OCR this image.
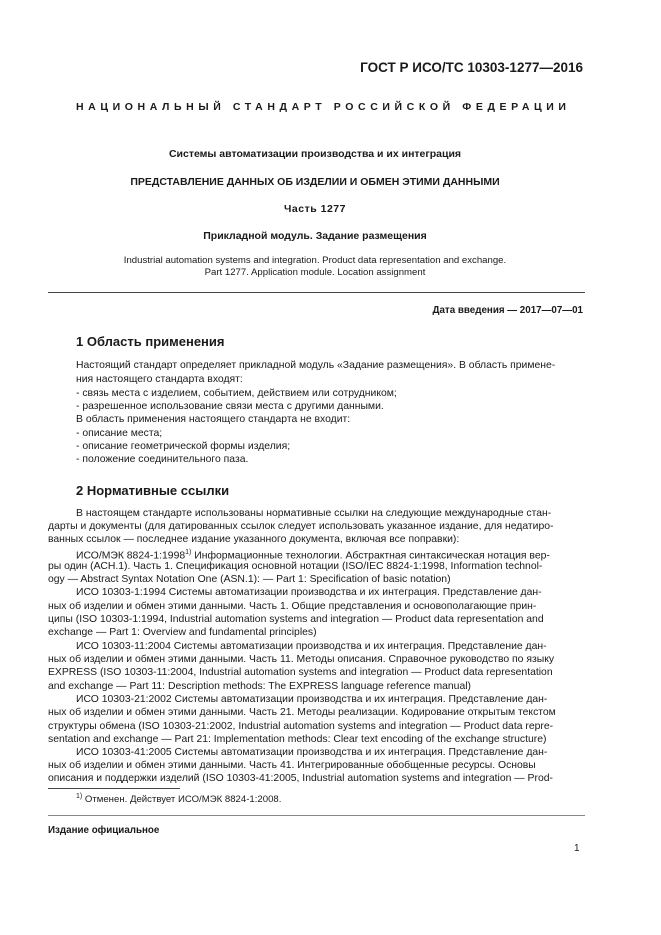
ГОСТ Р ИСО/ТС 10303-1277—2016
НАЦИОНАЛЬНЫЙ СТАНДАРТ РОССИЙСКОЙ ФЕДЕРАЦИИ
Системы автоматизации производства и их интеграция
ПРЕДСТАВЛЕНИЕ ДАННЫХ ОБ ИЗДЕЛИИ И ОБМЕН ЭТИМИ ДАННЫМИ
Часть 1277
Прикладной модуль. Задание размещения
Industrial automation systems and integration. Product data representation and exchange.
Part 1277. Application module. Location assignment
Дата введения — 2017—07—01
1 Область применения
Настоящий стандарт определяет прикладной модуль «Задание размещения». В область примене-
ния настоящего стандарта входят:
- связь места с изделием, событием, действием или сотрудником;
- разрешенное использование связи места с другими данными.
В область применения настоящего стандарта не входит:
- описание места;
- описание геометрической формы изделия;
- положение соединительного паза.
2 Нормативные ссылки
В настоящем стандарте использованы нормативные ссылки на следующие международные стан-
дарты и документы (для датированных ссылок следует использовать указанное издание, для недатиро-
ванных ссылок — последнее издание указанного документа, включая все поправки):
ИСО/МЭК 8824-1:1998$^{1)}$ Информационные технологии. Абстрактная синтаксическая нотация вер-
ры один (АСН.1). Часть 1. Спецификация основной нотации (ISO/IEC 8824-1:1998, Information technol-
ogy — Abstract Syntax Notation One (ASN.1): — Part 1: Specification of basic notation)
ИСО 10303-1:1994 Системы автоматизации производства и их интеграция. Представление дан-
ных об изделии и обмен этими данными. Часть 1. Общие представления и основополагающие прин-
ципы (ISO 10303-1:1994, Industrial automation systems and integration — Product data representation and
exchange — Part 1: Overview and fundamental principles)
ИСО 10303-11:2004 Системы автоматизации производства и их интеграция. Представление дан-
ных об изделии и обмен этими данными. Часть 11. Методы описания. Справочное руководство по языку
EXPRESS (ISO 10303-11:2004, Industrial automation systems and integration — Product data representation
and exchange — Part 11: Description methods: The EXPRESS language reference manual)
ИСО 10303-21:2002 Системы автоматизации производства и их интеграция. Представление дан-
ных об изделии и обмен этими данными. Часть 21. Методы реализации. Кодирование открытым текстом
структуры обмена (ISO 10303-21:2002, Industrial automation systems and integration — Product data repre-
sentation and exchange — Part 21: Implementation methods: Clear text encoding of the exchange structure)
ИСО 10303-41:2005 Системы автоматизации производства и их интеграция. Представление дан-
ных об изделии и обмен этими данными. Часть 41. Интегрированные обобщенные ресурсы. Основы
описания и поддержки изделий (ISO 10303-41:2005, Industrial automation systems and integration — Prod-
$^{1)}$ Отменен. Действует ИСО/МЭК 8824-1:2008.
Издание официальное
1
